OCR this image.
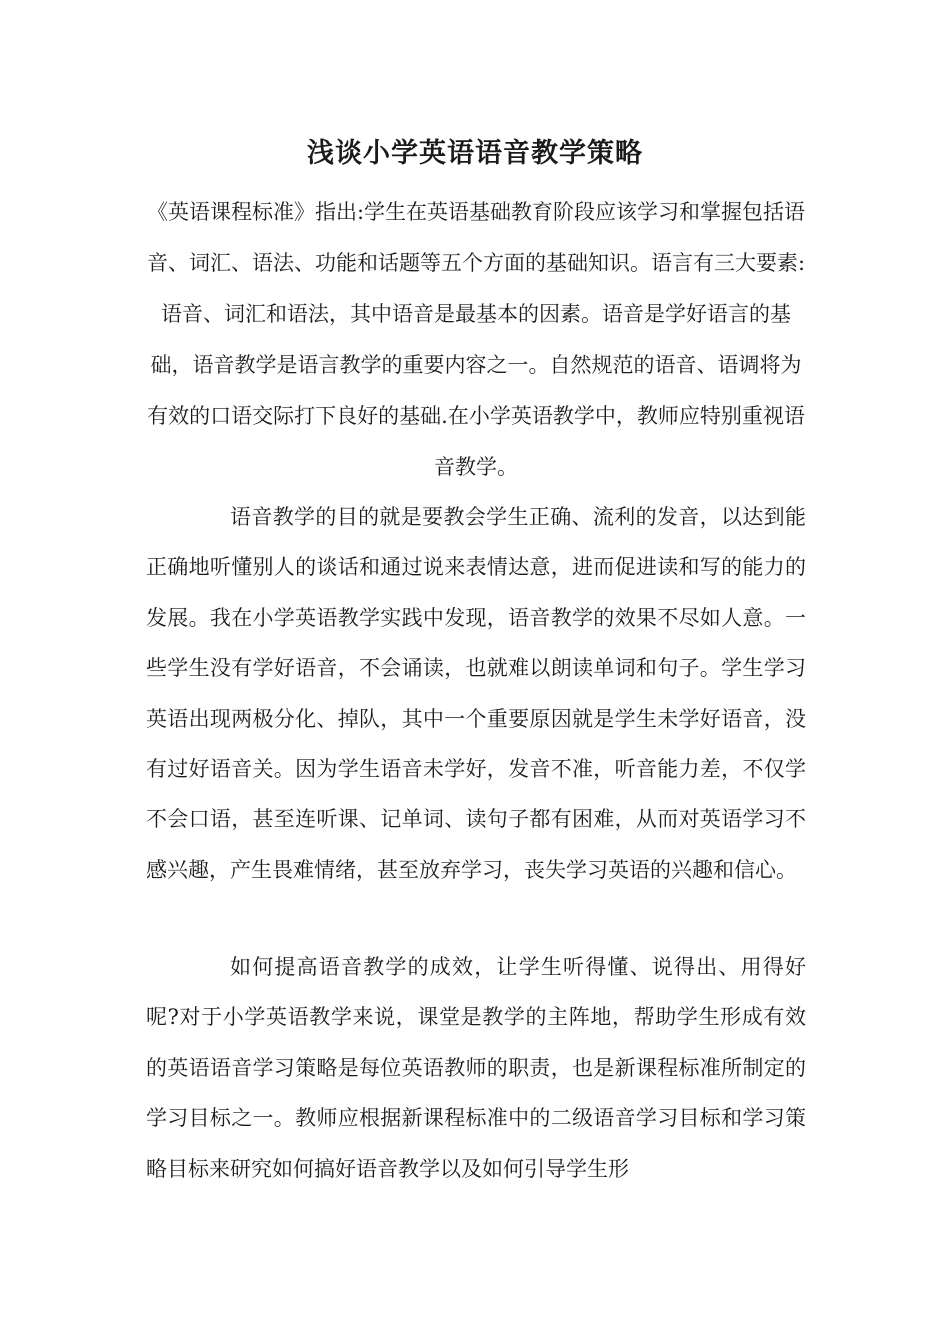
浅谈小学英语语音教学策略

《英语课程标准》指出:学生在英语基础教育阶段应该学习和掌握包括语音、词汇、语法、功能和话题等五个方面的基础知识。语言有三大要素:语音、词汇和语法，其中语音是最基本的因素。语音是学好语言的基础，语音教学是语言教学的重要内容之一。自然规范的语音、语调将为有效的口语交际打下良好的基础.在小学英语教学中，教师应特别重视语音教学。

语音教学的目的就是要教会学生正确、流利的发音，以达到能正确地听懂别人的谈话和通过说来表情达意，进而促进读和写的能力的发展。我在小学英语教学实践中发现，语音教学的效果不尽如人意。一些学生没有学好语音，不会诵读，也就难以朗读单词和句子。学生学习英语出现两极分化、掉队，其中一个重要原因就是学生未学好语音，没有过好语音关。因为学生语音未学好，发音不准，听音能力差，不仅学不会口语，甚至连听课、记单词、读句子都有困难，从而对英语学习不感兴趣，产生畏难情绪，甚至放弃学习，丧失学习英语的兴趣和信心。

如何提高语音教学的成效，让学生听得懂、说得出、用得好呢?对于小学英语教学来说，课堂是教学的主阵地，帮助学生形成有效的英语语音学习策略是每位英语教师的职责，也是新课程标准所制定的学习目标之一。教师应根据新课程标准中的二级语音学习目标和学习策略目标来研究如何搞好语音教学以及如何引导学生形
